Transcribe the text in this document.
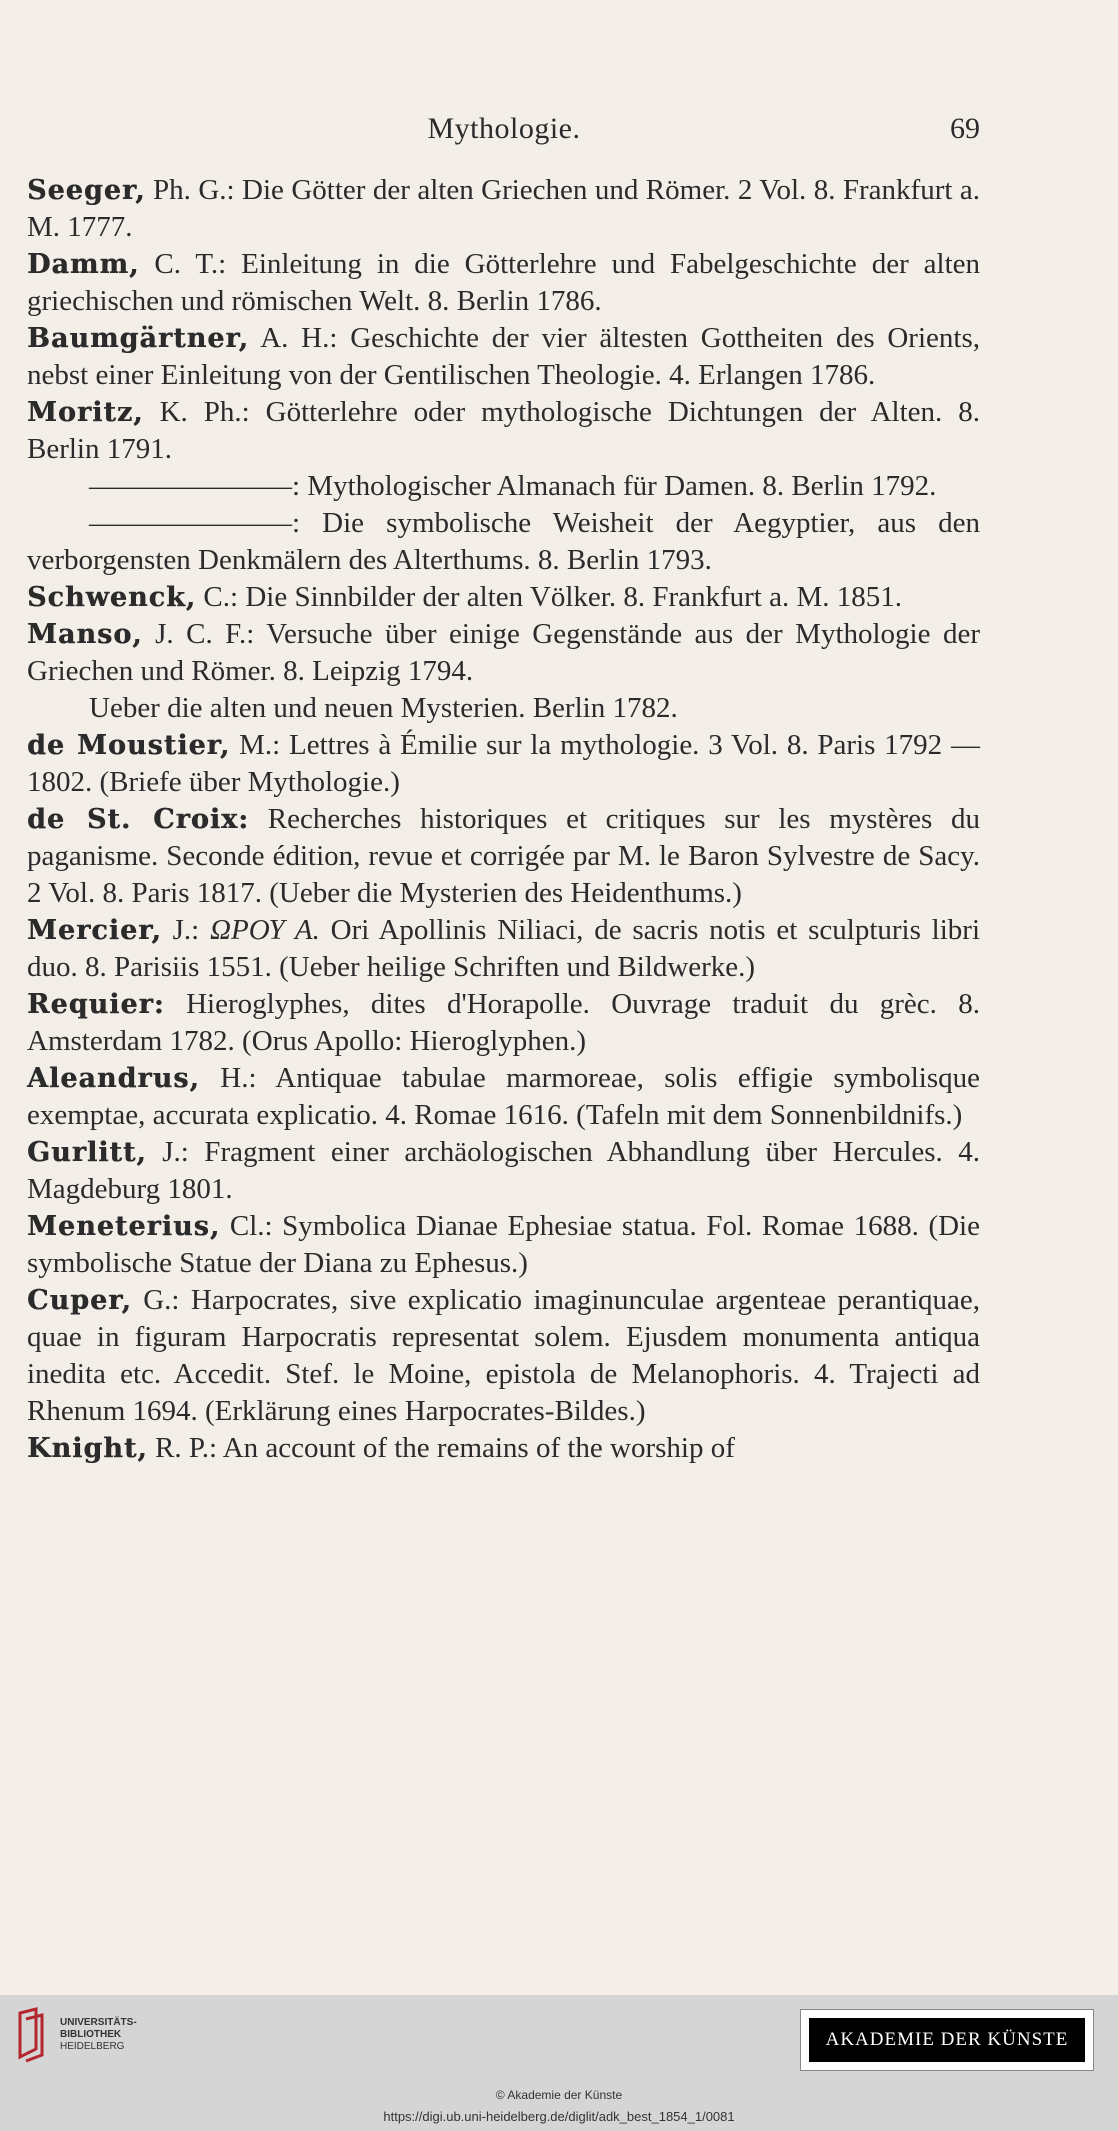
Mythologie.	69

Seeger, Ph. G.: Die Götter der alten Griechen und Römer. 2 Vol. 8. Frankfurt a. M. 1777.

Damm, C. T.: Einleitung in die Götterlehre und Fabelgeschichte der alten griechischen und römischen Welt. 8. Berlin 1786.

Baumgärtner, A. H.: Geschichte der vier ältesten Gottheiten des Orients, nebst einer Einleitung von der Gentilischen Theologie. 4. Erlangen 1786.

Moritz, K. Ph.: Götterlehre oder mythologische Dichtungen der Alten. 8. Berlin 1791.

———————: Mythologischer Almanach für Damen. 8. Berlin 1792.

———————: Die symbolische Weisheit der Aegyptier, aus den verborgensten Denkmälern des Alterthums. 8. Berlin 1793.

Schwenck, C.: Die Sinnbilder der alten Völker. 8. Frankfurt a. M. 1851.

Manso, J. C. F.: Versuche über einige Gegenstände aus der Mythologie der Griechen und Römer. 8. Leipzig 1794.

Ueber die alten und neuen Mysterien. Berlin 1782.

de Moustier, M.: Lettres à Émilie sur la mythologie. 3 Vol. 8. Paris 1792 — 1802. (Briefe über Mythologie.)

de St. Croix: Recherches historiques et critiques sur les mystères du paganisme. Seconde édition, revue et corrigée par M. le Baron Sylvestre de Sacy. 2 Vol. 8. Paris 1817. (Ueber die Mysterien des Heidenthums.)

Mercier, J.: ΩΡΟΥ Α. Ori Apollinis Niliaci, de sacris notis et sculpturis libri duo. 8. Parisiis 1551. (Ueber heilige Schriften und Bildwerke.)

Requier: Hieroglyphes, dites d'Horapolle. Ouvrage traduit du grèc. 8. Amsterdam 1782. (Orus Apollo: Hieroglyphen.)

Aleandrus, H.: Antiquae tabulae marmoreae, solis effigie symbolisque exemptae, accurata explicatio. 4. Romae 1616. (Tafeln mit dem Sonnenbildnifs.)

Gurlitt, J.: Fragment einer archäologischen Abhandlung über Hercules. 4. Magdeburg 1801.

Meneterius, Cl.: Symbolica Dianae Ephesiae statua. Fol. Romae 1688. (Die symbolische Statue der Diana zu Ephesus.)

Cuper, G.: Harpocrates, sive explicatio imaginunculae argenteae perantiquae, quae in figuram Harpocratis representat solem. Ejusdem monumenta antiqua inedita etc. Accedit. Stef. le Moine, epistola de Melanophoris. 4. Trajecti ad Rhenum 1694. (Erklärung eines Harpocrates-Bildes.)

Knight, R. P.: An account of the remains of the worship of

UNIVERSITÄTS-
BIBLIOTHEK
HEIDELBERG	AKADEMIE DER KÜNSTE
© Akademie der Künste
https://digi.ub.uni-heidelberg.de/diglit/adk_best_1854_1/0081
